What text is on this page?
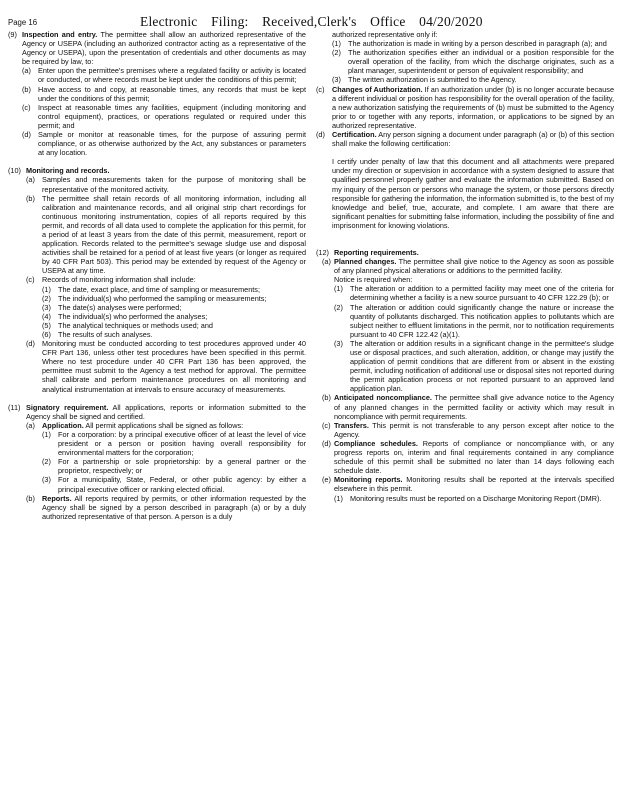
Page 16	Electronic Filing: Received,Clerk's Office 04/20/2020
(9) Inspection and entry. The permittee shall allow an authorized representative of the Agency or USEPA (including an authorized contractor acting as a representative of the Agency or USEPA), upon the presentation of credentials and other documents as may be required by law, to:
(a) Enter upon the permittee's premises where a regulated facility or activity is located or conducted, or where records must be kept under the conditions of this permit;
(b) Have access to and copy, at reasonable times, any records that must be kept under the conditions of this permit;
(c)	Inspect at reasonable times any facilities, equipment (including monitoring and control equipment), practices, or operations regulated or required under this permit; and
(d) Sample or monitor at reasonable times, for the purpose of assuring permit compliance, or as otherwise authorized by the Act, any substances or parameters at any location.
(10) Monitoring and records.
(a) Samples and measurements taken for the purpose of monitoring shall be representative of the monitored activity.
(b) The permittee shall retain records of all monitoring information, including all calibration and maintenance records, and all original strip chart recordings for continuous monitoring instrumentation, copies of all reports required by this permit, and records of all data used to complete the application for this permit, for a period of at least 3 years from the date of this permit, measurement, report or application. Records related to the permittee's sewage sludge use and disposal activities shall be retained for a period of at least five years (or longer as required by 40 CFR Part 503). This period may be extended by request of the Agency or USEPA at any time.
(c)	Records of monitoring information shall include:
(1) The date, exact place, and time of sampling or measurements;
(2) The individual(s) who performed the sampling or measurements;
(3) The date(s) analyses were performed;
(4) The individual(s) who performed the analyses;
(5) The analytical techniques or methods used; and
(6) The results of such analyses.
(d) Monitoring must be conducted according to test procedures approved under 40 CFR Part 136, unless other test procedures have been specified in this permit. Where no test procedure under 40 CFR Part 136 has been approved, the permittee must submit to the Agency a test method for approval. The permittee shall calibrate and perform maintenance procedures on all monitoring and analytical instrumentation at intervals to ensure accuracy of measurements.
(11) Signatory requirement. All applications, reports or information submitted to the Agency shall be signed and certified.
(a) Application. All permit applications shall be signed as follows:
(1) For a corporation: by a principal executive officer of at least the level of vice president or a person or position having overall responsibility for environmental matters for the corporation;
(2) For a partnership or sole proprietorship: by a general partner or the proprietor, respectively; or
(3) For a municipality, State, Federal, or other public agency: by either a principal executive officer or ranking elected official.
(b) Reports. All reports required by permits, or other information requested by the Agency shall be signed by a person described in paragraph (a) or by a duly authorized representative of that person. A person is a duly
authorized representative only if:
(1) The authorization is made in writing by a person described in paragraph (a); and
(2) The authorization specifies either an individual or a position responsible for the overall operation of the facility, from which the discharge originates, such as a plant manager, superintendent or person of equivalent responsibility; and
(3) The written authorization is submitted to the Agency.
(c)	Changes of Authorization. If an authorization under (b) is no longer accurate because a different individual or position has responsibility for the overall operation of the facility, a new authorization satisfying the requirements of (b) must be submitted to the Agency prior to or together with any reports, information, or applications to be signed by an authorized representative.
(d) Certification. Any person signing a document under paragraph (a) or (b) of this section shall make the following certification:
I certify under penalty of law that this document and all attachments were prepared under my direction or supervision in accordance with a system designed to assure that qualified personnel properly gather and evaluate the information submitted. Based on my inquiry of the person or persons who manage the system, or those persons directly responsible for gathering the information, the information submitted is, to the best of my knowledge and belief, true, accurate, and complete. I am aware that there are significant penalties for submitting false information, including the possibility of fine and imprisonment for knowing violations.
(12) Reporting requirements.
(a) Planned changes. The permittee shall give notice to the Agency as soon as possible of any planned physical alterations or additions to the permitted facility.
Notice is required when:
(1) The alteration or addition to a permitted facility may meet one of the criteria for determining whether a facility is a new source pursuant to 40 CFR 122.29 (b); or
(2) The alteration or addition could significantly change the nature or increase the quantity of pollutants discharged. This notification applies to pollutants which are subject neither to effluent limitations in the permit, nor to notification requirements pursuant to 40 CFR 122.42 (a)(1).
(3) The alteration or addition results in a significant change in the permittee's sludge use or disposal practices, and such alteration, addition, or change may justify the application of permit conditions that are different from or absent in the existing permit, including notification of additional use or disposal sites not reported during the permit application process or not reported pursuant to an approved land application plan.
(b) Anticipated noncompliance. The permittee shall give advance notice to the Agency of any planned changes in the permitted facility or activity which may result in noncompliance with permit requirements.
(c) Transfers. This permit is not transferable to any person except after notice to the Agency.
(d) Compliance schedules. Reports of compliance or noncompliance with, or any progress reports on, interim and final requirements contained in any compliance schedule of this permit shall be submitted no later than 14 days following each schedule date.
(e) Monitoring reports. Monitoring results shall be reported at the intervals specified elsewhere in this permit.
(1) Monitoring results must be reported on a Discharge Monitoring Report (DMR).
